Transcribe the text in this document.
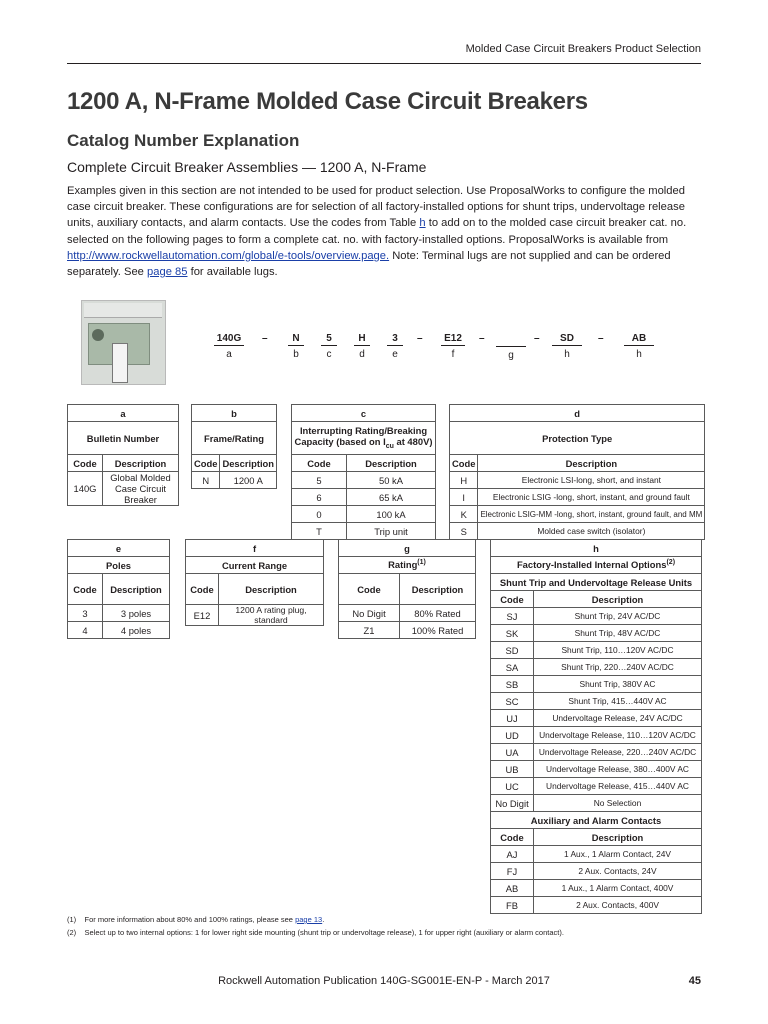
Molded Case Circuit Breakers Product Selection
1200 A, N-Frame Molded Case Circuit Breakers
Catalog Number Explanation
Complete Circuit Breaker Assemblies — 1200 A, N-Frame
Examples given in this section are not intended to be used for product selection. Use ProposalWorks to configure the molded case circuit breaker. These configurations are for selection of all factory-installed options for shunt trips, undervoltage release units, auxiliary contacts, and alarm contacts. Use the codes from Table h to add on to the molded case circuit breaker cat. no. selected on the following pages to form a complete cat. no. with factory-installed options. ProposalWorks is available from http://www.rockwellautomation.com/global/e-tools/overview.page. Note: Terminal lugs are not supplied and can be ordered separately. See page 85 for available lugs.
140G
a
–	N
b
5
c
H
d
3
e
–	E12
f
–
g
–	SD
h
–	AB
h
a	
Bulletin Number	
Code	Description
140G	Global Molded Case Circuit Breaker
b	
Frame/Rating	
Code	Description
N	1200 A
c	
Interrupting Rating/Breaking
Capacity (based on $I_{cu}$ at 480V)	
Code	Description
5	50 kA
6	65 kA
0	100 kA
T	Trip unit
d	
Protection Type	
Code	Description
H	Electronic LSI-long, short, and instant
I	Electronic LSIG -long, short, instant, and ground fault
K	Electronic LSIG-MM -long, short, instant, ground fault, and MM
S	Molded case switch (isolator)
e	
Poles	
Code	Description
3	3 poles
4	4 poles
f	
Current Range	
Code	Description
E12	1200 A rating plug, standard
g	
Rating$^{(1)}$
Code	Description
No Digit	80% Rated
Z1	100% Rated
h	
Factory-Installed Internal Options$^{(2)}$
Shunt Trip and Undervoltage Release Units	
Code	Description
SJ	Shunt Trip, 24V AC/DC
SK	Shunt Trip, 48V AC/DC
SD	Shunt Trip, 110…120V AC/DC
SA	Shunt Trip, 220…240V AC/DC
SB	Shunt Trip, 380V AC
SC	Shunt Trip, 415…440V AC
UJ	Undervoltage Release, 24V AC/DC
UD	Undervoltage Release, 110…120V AC/DC
UA	Undervoltage Release, 220…240V AC/DC
UB	Undervoltage Release, 380…400V AC
UC	Undervoltage Release, 415…440V AC
No Digit	No Selection
Auxiliary and Alarm Contacts	
Code	Description
AJ	1 Aux., 1 Alarm Contact, 24V
FJ	2 Aux. Contacts, 24V
AB	1 Aux., 1 Alarm Contact, 400V
FB	2 Aux. Contacts, 400V
(1) For more information about 80% and 100% ratings, please see page 13.
(2) Select up to two internal options: 1 for lower right side mounting (shunt trip or undervoltage release), 1 for upper right (auxiliary or alarm contact).
Rockwell Automation Publication 140G-SG001E-EN-P - March 2017	45
